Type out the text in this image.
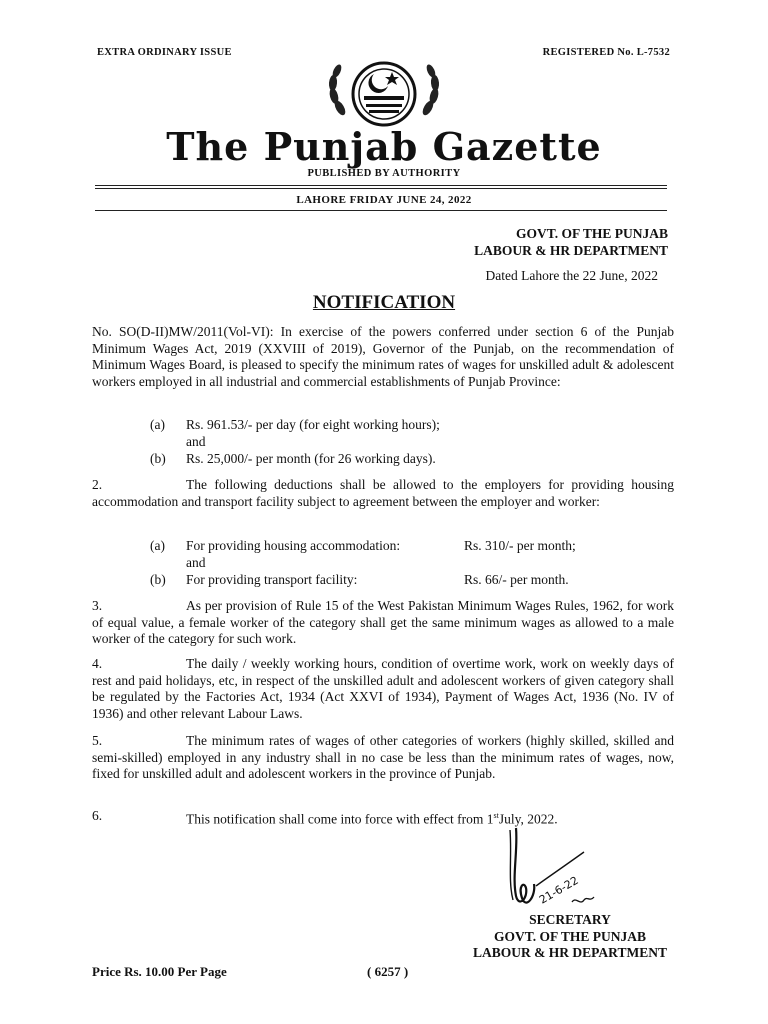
EXTRA ORDINARY ISSUE	REGISTERED No. L-7532
The Punjab Gazette
PUBLISHED BY AUTHORITY
LAHORE FRIDAY JUNE 24, 2022
GOVT. OF THE PUNJAB
LABOUR & HR DEPARTMENT
Dated Lahore the 22 June, 2022
NOTIFICATION
No. SO(D-II)MW/2011(Vol-VI): In exercise of the powers conferred under section 6 of the Punjab Minimum Wages Act, 2019 (XXVIII of 2019), Governor of the Punjab, on the recommendation of Minimum Wages Board, is pleased to specify the minimum rates of wages for unskilled adult & adolescent workers employed in all industrial and commercial establishments of Punjab Province:
(a) Rs. 961.53/- per day (for eight working hours);
and
(b) Rs. 25,000/- per month (for 26 working days).
2.	The following deductions shall be allowed to the employers for providing housing accommodation and transport facility subject to agreement between the employer and worker:
(a) For providing housing accommodation:	Rs. 310/- per month;
and
(b) For providing transport facility:	Rs. 66/- per month.
3.	As per provision of Rule 15 of the West Pakistan Minimum Wages Rules, 1962, for work of equal value, a female worker of the category shall get the same minimum wages as allowed to a male worker of the category for such work.
4.	The daily / weekly working hours, condition of overtime work, work on weekly days of rest and paid holidays, etc, in respect of the unskilled adult and adolescent workers of given category shall be regulated by the Factories Act, 1934 (Act XXVI of 1934), Payment of Wages Act, 1936 (No. IV of 1936) and other relevant Labour Laws.
5.	The minimum rates of wages of other categories of workers (highly skilled, skilled and semi-skilled) employed in any industry shall in no case be less than the minimum rates of wages, now, fixed for unskilled adult and adolescent workers in the province of Punjab.
6.	This notification shall come into force with effect from 1stJuly, 2022.
21-6-22
SECRETARY
GOVT. OF THE PUNJAB
LABOUR & HR DEPARTMENT
Price Rs. 10.00 Per Page	( 6257 )
